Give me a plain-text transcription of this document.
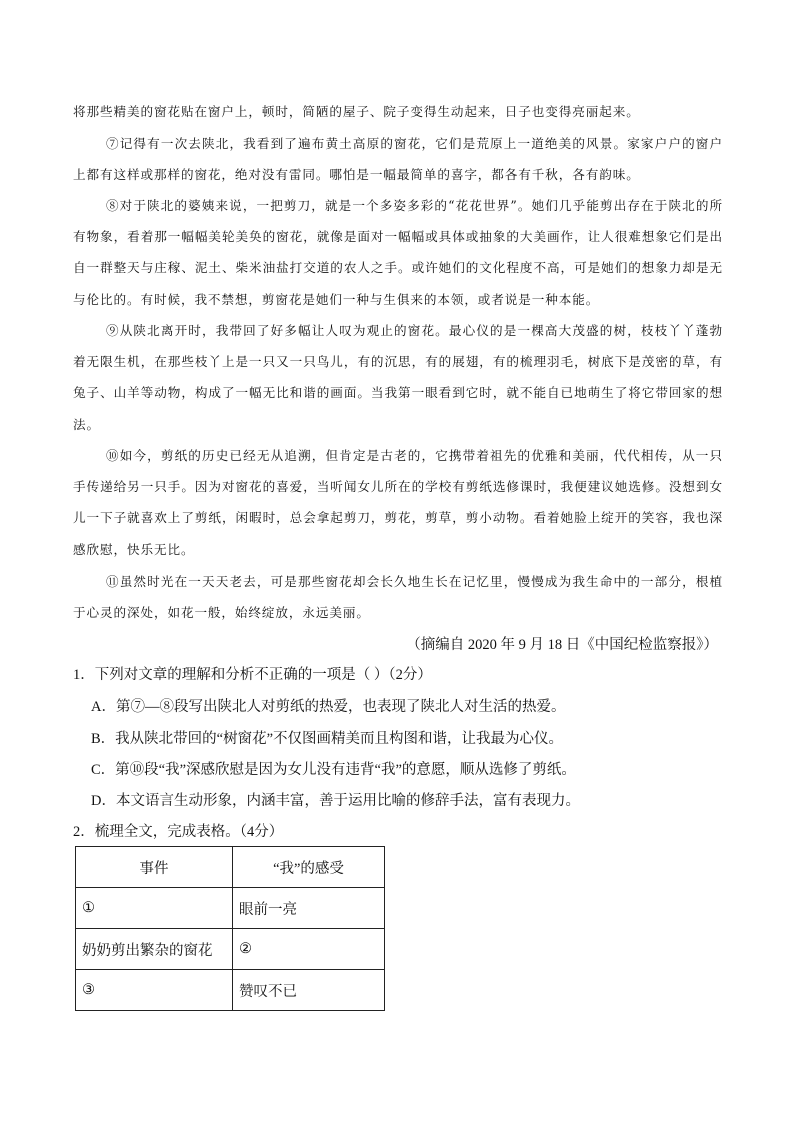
将那些精美的窗花贴在窗户上，顿时，简陋的屋子、院子变得生动起来，日子也变得亮丽起来。

⑦记得有一次去陕北，我看到了遍布黄土高原的窗花，它们是荒原上一道绝美的风景。家家户户的窗户上都有这样或那样的窗花，绝对没有雷同。哪怕是一幅最简单的喜字，都各有千秋，各有韵味。

⑧对于陕北的婆姨来说，一把剪刀，就是一个多姿多彩的“花花世界”。她们几乎能剪出存在于陕北的所有物象，看着那一幅幅美轮美奂的窗花，就像是面对一幅幅或具体或抽象的大美画作，让人很难想象它们是出自一群整天与庄稼、泥土、柴米油盐打交道的农人之手。或许她们的文化程度不高，可是她们的想象力却是无与伦比的。有时候，我不禁想，剪窗花是她们一种与生俱来的本领，或者说是一种本能。

⑨从陕北离开时，我带回了好多幅让人叹为观止的窗花。最心仪的是一棵高大茂盛的树，枝枝丫丫蓬勃着无限生机，在那些枝丫上是一只又一只鸟儿，有的沉思，有的展翅，有的梳理羽毛，树底下是茂密的草，有兔子、山羊等动物，构成了一幅无比和谐的画面。当我第一眼看到它时，就不能自已地萌生了将它带回家的想法。

⑩如今，剪纸的历史已经无从追溯，但肯定是古老的，它携带着祖先的优雅和美丽，代代相传，从一只手传递给另一只手。因为对窗花的喜爱，当听闻女儿所在的学校有剪纸选修课时，我便建议她选修。没想到女儿一下子就喜欢上了剪纸，闲暇时，总会拿起剪刀，剪花，剪草，剪小动物。看着她脸上绽开的笑容，我也深感欣慰，快乐无比。

⑪虽然时光在一天天老去，可是那些窗花却会长久地生长在记忆里，慢慢成为我生命中的一部分，根植于心灵的深处，如花一般，始终绽放，永远美丽。

（摘编自 2020 年 9 月 18 日《中国纪检监察报》）

1．下列对文章的理解和分析不正确的一项是（ ）（2分）

A．第⑦—⑧段写出陕北人对剪纸的热爱，也表现了陕北人对生活的热爱。

B．我从陕北带回的“树窗花”不仅图画精美而且构图和谐，让我最为心仪。

C．第⑩段“我”深感欣慰是因为女儿没有违背“我”的意愿，顺从选修了剪纸。

D．本文语言生动形象，内涵丰富，善于运用比喻的修辞手法，富有表现力。

2．梳理全文，完成表格。（4分）

事件	“我”的感受
①	眼前一亮
奶奶剪出繁杂的窗花	②
③	赞叹不已
